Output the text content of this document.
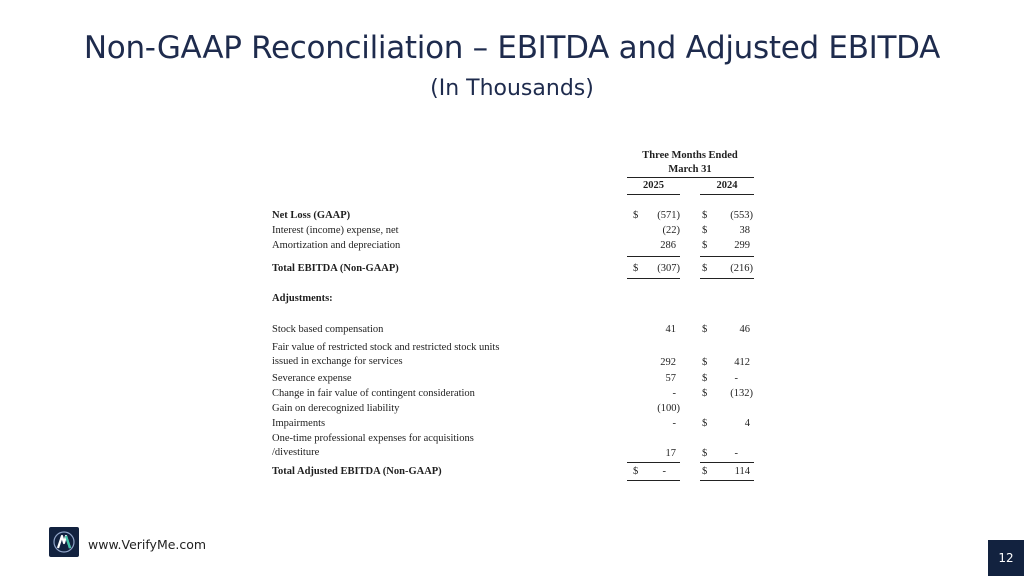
Non-GAAP Reconciliation – EBITDA and Adjusted EBITDA
(In Thousands)
Three Months Ended
March 31
2025	2024
Net Loss (GAAP)	$	(571) $	(553)
Interest (income) expense, net	(22) $	38
Amortization and depreciation	286 $	299
Total EBITDA (Non-GAAP)	$	(307) $	(216)
Adjustments:
Stock based compensation	41 $	46
Fair value of restricted stock and restricted stock units
issued in exchange for services	292 $	412
Severance expense	57 $	-
Change in fair value of contingent consideration	- $	(132)
Gain on derecognized liability	(100)
Impairments	- $	4
One-time professional expenses for acquisitions
/divestiture	17 $	-
Total Adjusted EBITDA (Non-GAAP)	$	-	$	114
www.VerifyMe.com
12
